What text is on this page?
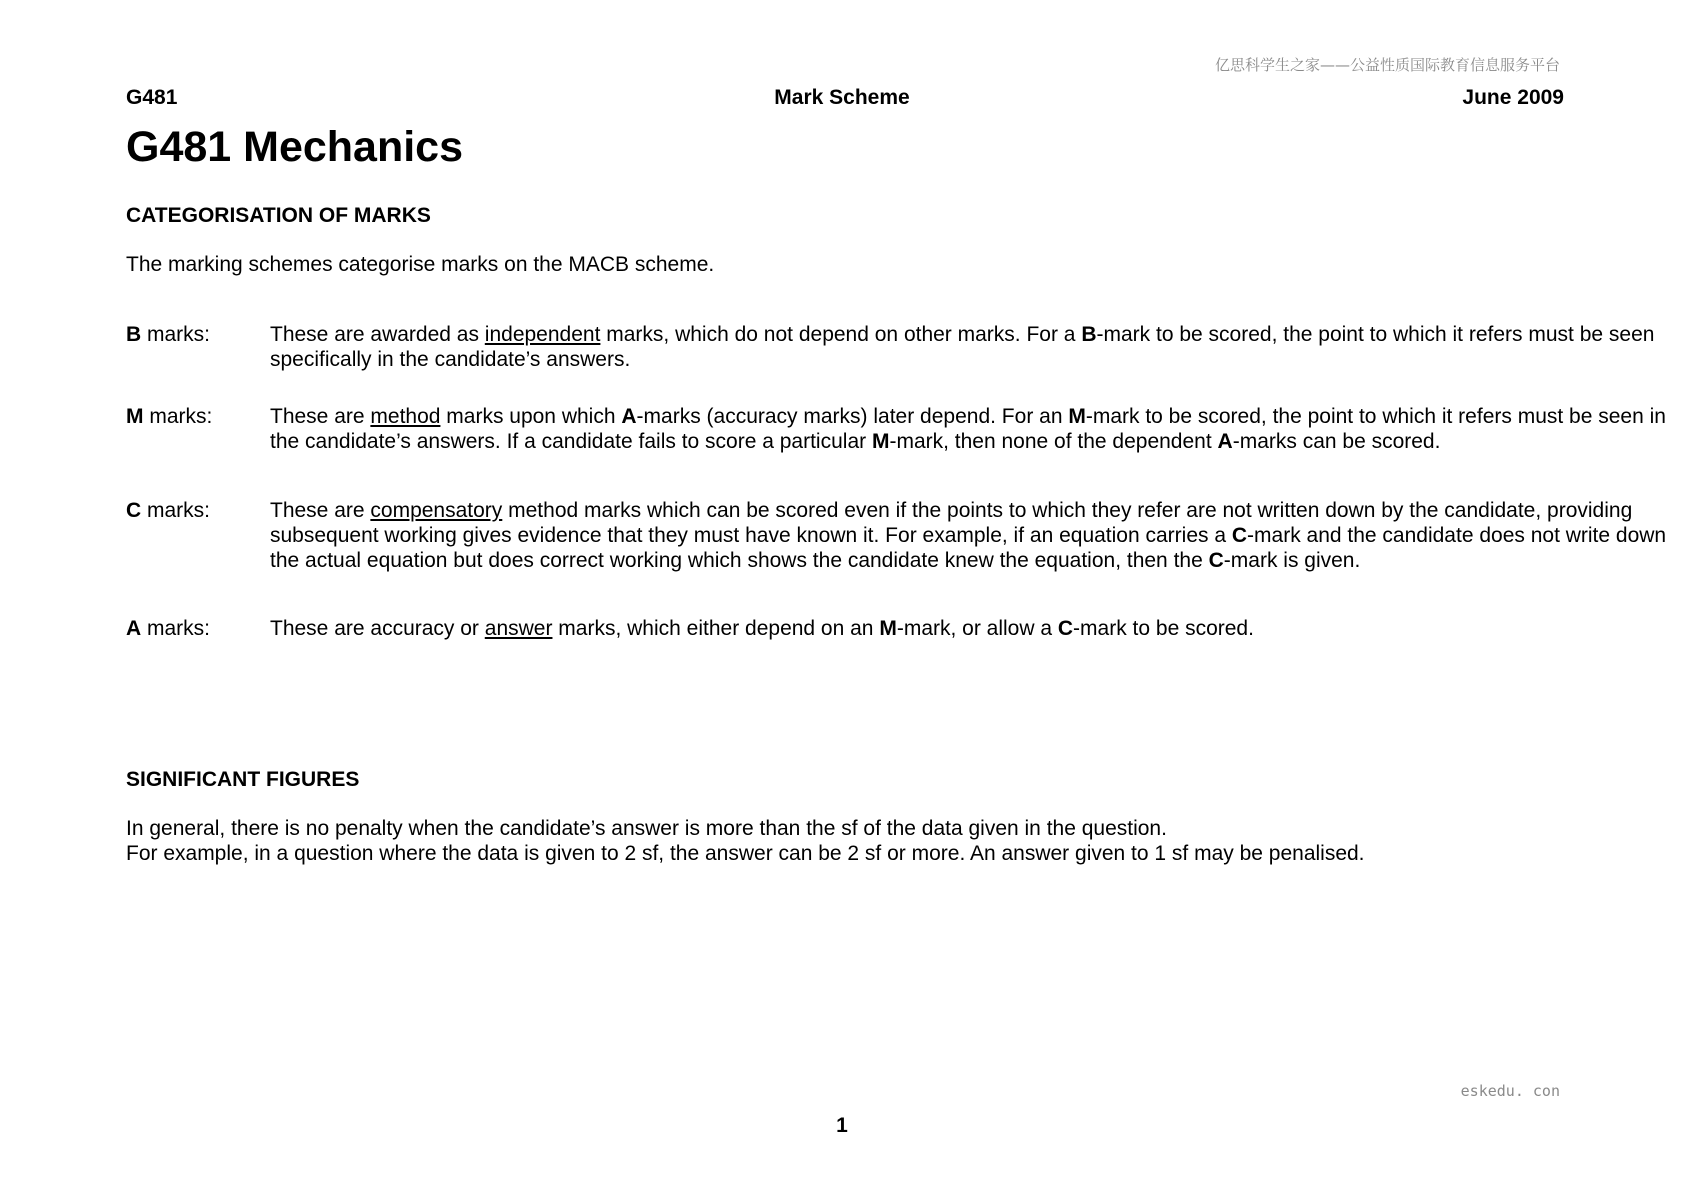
亿思科学生之家——公益性质国际教育信息服务平台
G481	Mark Scheme	June 2009
G481 Mechanics
CATEGORISATION OF MARKS

The marking schemes categorise marks on the MACB scheme.

B marks:	These are awarded as independent marks, which do not depend on other marks. For a B-mark to be scored, the point to which it refers must be seen specifically in the candidate’s answers.
M marks:	These are method marks upon which A-marks (accuracy marks) later depend. For an M-mark to be scored, the point to which it refers must be seen in the candidate’s answers. If a candidate fails to score a particular M-mark, then none of the dependent A-marks can be scored.
C marks:	These are compensatory method marks which can be scored even if the points to which they refer are not written down by the candidate, providing subsequent working gives evidence that they must have known it. For example, if an equation carries a C-mark and the candidate does not write down the actual equation but does correct working which shows the candidate knew the equation, then the C-mark is given.
A marks:	These are accuracy or answer marks, which either depend on an M-mark, or allow a C-mark to be scored.
SIGNIFICANT FIGURES

In general, there is no penalty when the candidate’s answer is more than the sf of the data given in the question.

For example, in a question where the data is given to 2 sf, the answer can be 2 sf or more. An answer given to 1 sf may be penalised.

eskedu. con
1
